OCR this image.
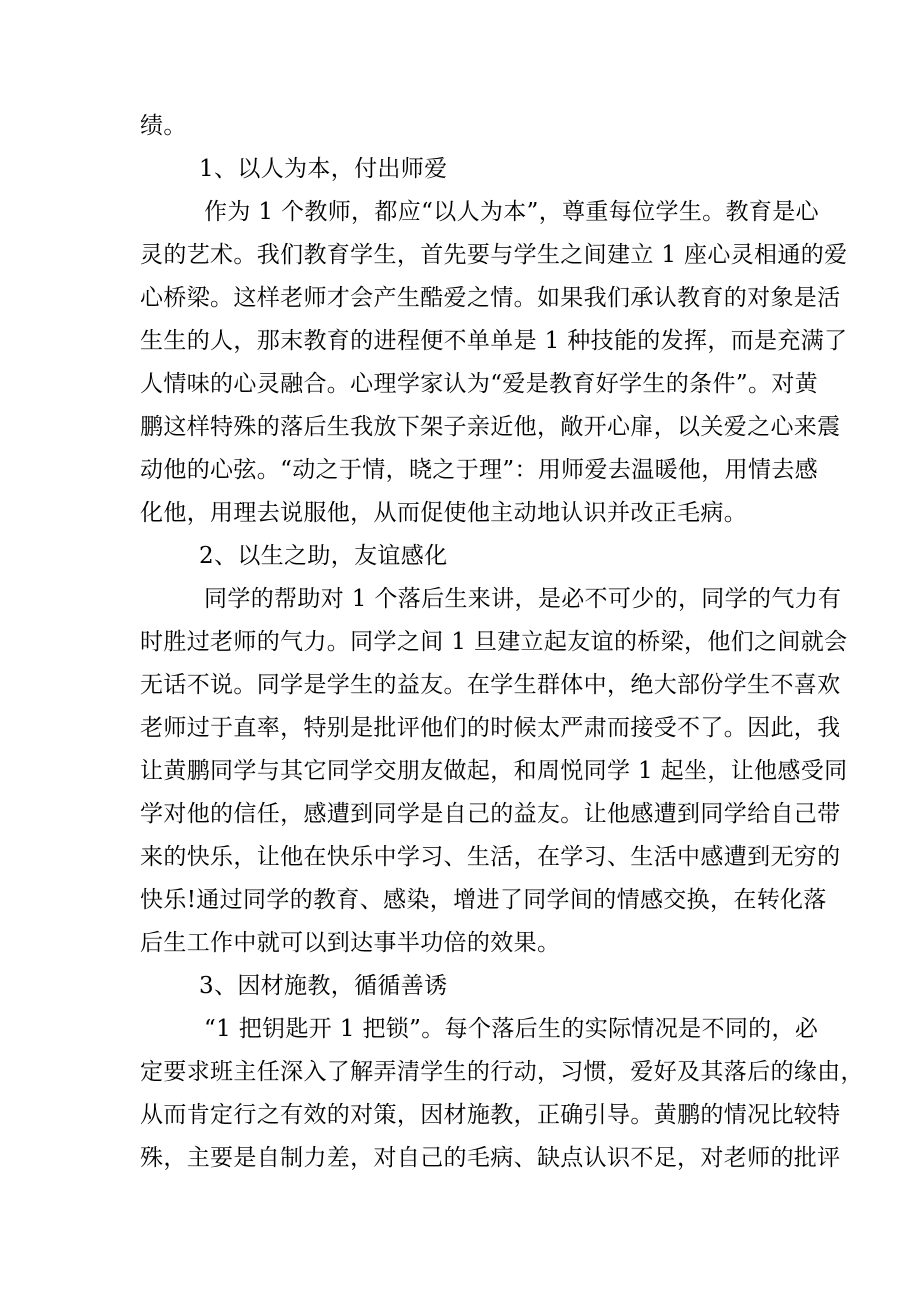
绩。
1、以人为本，付出师爱
作为 1 个教师，都应“以人为本”，尊重每位学生。教育是心
灵的艺术。我们教育学生，首先要与学生之间建立 1 座心灵相通的爱
心桥梁。这样老师才会产生酷爱之情。如果我们承认教育的对象是活
生生的人，那末教育的进程便不单单是 1 种技能的发挥，而是充满了
人情味的心灵融合。心理学家认为“爱是教育好学生的条件”。对黄
鹏这样特殊的落后生我放下架子亲近他，敞开心扉，以关爱之心来震
动他的心弦。“动之于情，晓之于理”：用师爱去温暖他，用情去感
化他，用理去说服他，从而促使他主动地认识并改正毛病。
2、以生之助，友谊感化
同学的帮助对 1 个落后生来讲，是必不可少的，同学的气力有
时胜过老师的气力。同学之间 1 旦建立起友谊的桥梁，他们之间就会
无话不说。同学是学生的益友。在学生群体中，绝大部份学生不喜欢
老师过于直率，特别是批评他们的时候太严肃而接受不了。因此，我
让黄鹏同学与其它同学交朋友做起，和周悦同学 1 起坐，让他感受同
学对他的信任，感遭到同学是自己的益友。让他感遭到同学给自己带
来的快乐，让他在快乐中学习、生活，在学习、生活中感遭到无穷的
快乐!通过同学的教育、感染，增进了同学间的情感交换，在转化落
后生工作中就可以到达事半功倍的效果。
3、因材施教，循循善诱
“1 把钥匙开 1 把锁”。每个落后生的实际情况是不同的，必
定要求班主任深入了解弄清学生的行动，习惯，爱好及其落后的缘由，
从而肯定行之有效的对策，因材施教，正确引导。黄鹏的情况比较特
殊，主要是自制力差，对自己的毛病、缺点认识不足，对老师的批评
